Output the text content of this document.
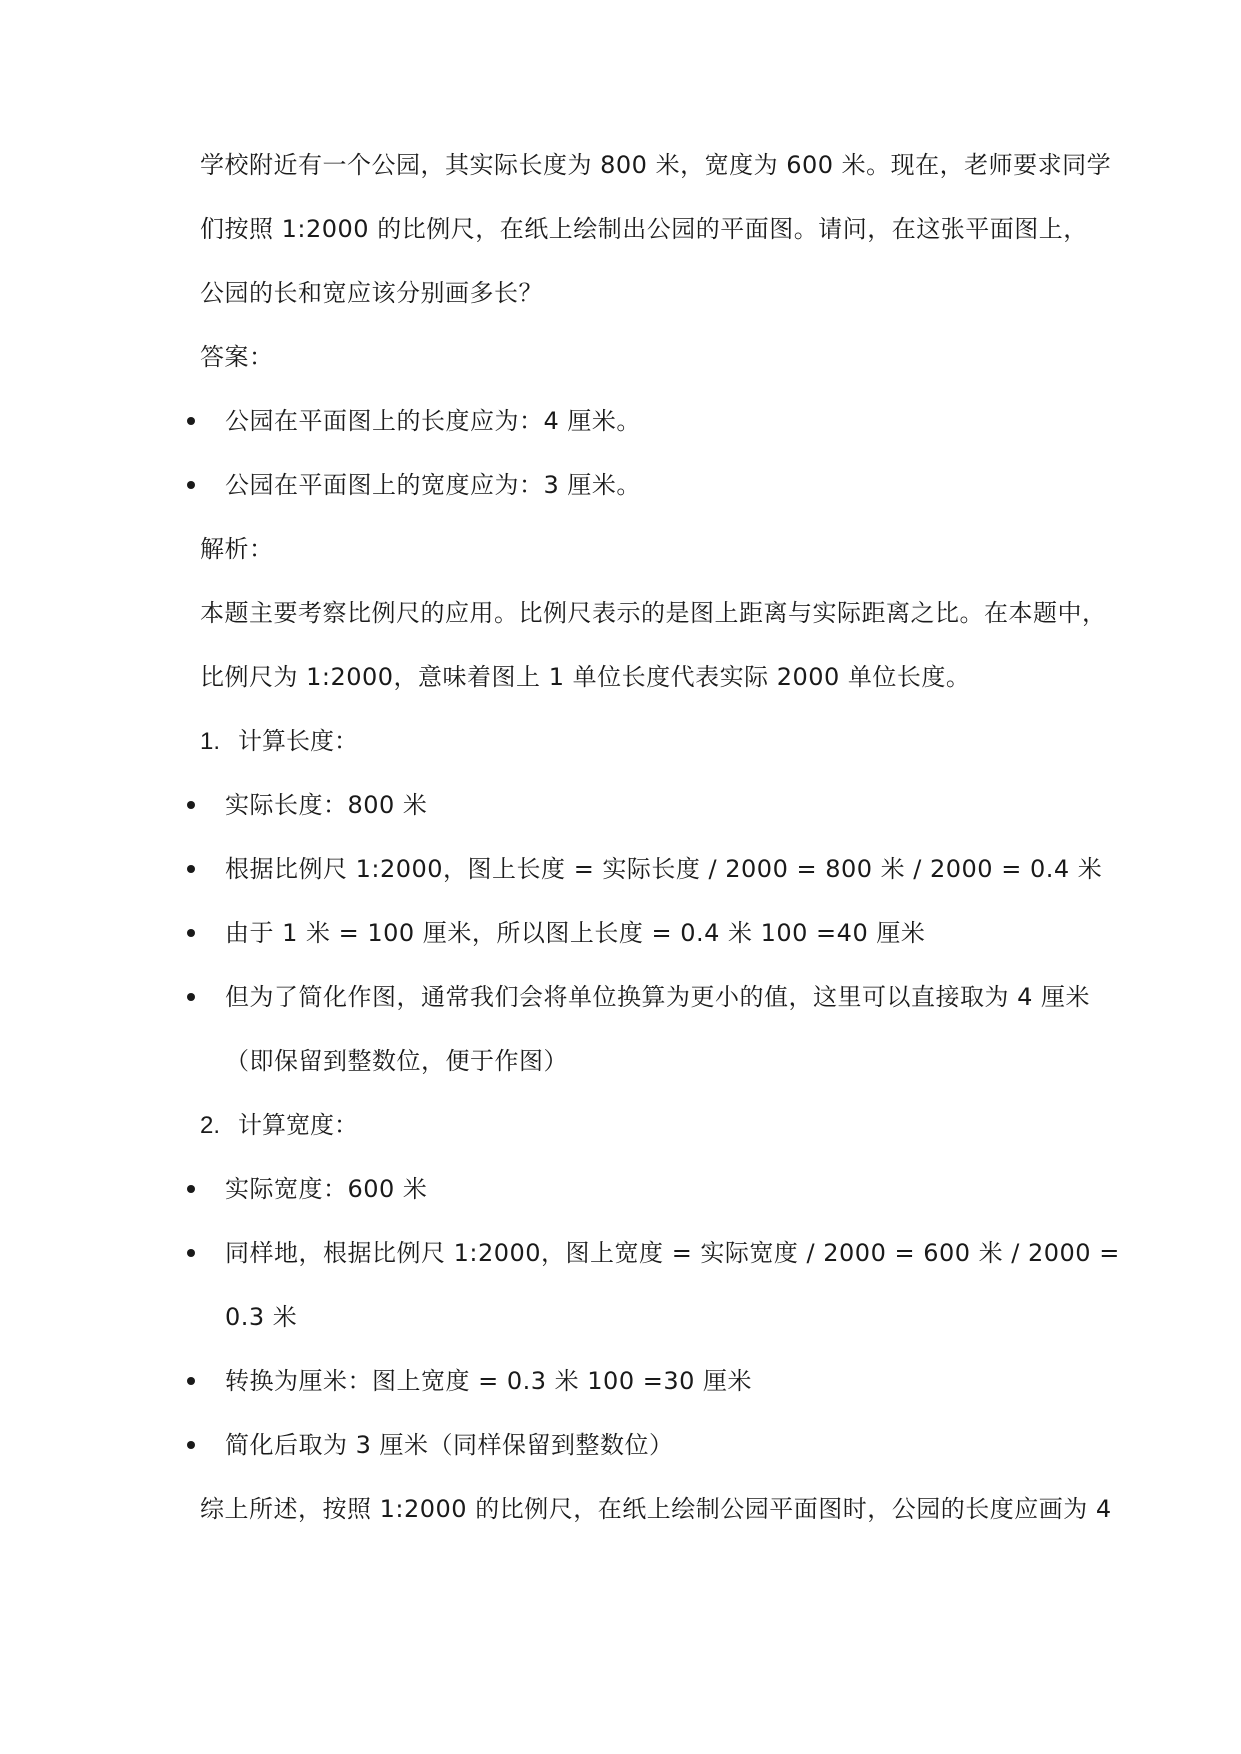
学校附近有一个公园，其实际长度为 800 米，宽度为 600 米。现在，老师要求同学
们按照 1:2000 的比例尺，在纸上绘制出公园的平面图。请问，在这张平面图上，
公园的长和宽应该分别画多长？
答案：
公园在平面图上的长度应为：4 厘米。
公园在平面图上的宽度应为：3 厘米。
解析：
本题主要考察比例尺的应用。比例尺表示的是图上距离与实际距离之比。在本题中，
比例尺为 1:2000，意味着图上 1 单位长度代表实际 2000 单位长度。
1. 计算长度：
实际长度：800 米
根据比例尺 1:2000，图上长度 = 实际长度 / 2000 = 800 米 / 2000 = 0.4 米
由于 1 米 = 100 厘米，所以图上长度 = 0.4 米 100 =40 厘米
但为了简化作图，通常我们会将单位换算为更小的值，这里可以直接取为 4 厘米
（即保留到整数位，便于作图）
2. 计算宽度：
实际宽度：600 米
同样地，根据比例尺 1:2000，图上宽度 = 实际宽度 / 2000 = 600 米 / 2000 =
0.3 米
转换为厘米：图上宽度 = 0.3 米 100 =30 厘米
简化后取为 3 厘米（同样保留到整数位）
综上所述，按照 1:2000 的比例尺，在纸上绘制公园平面图时，公园的长度应画为 4
